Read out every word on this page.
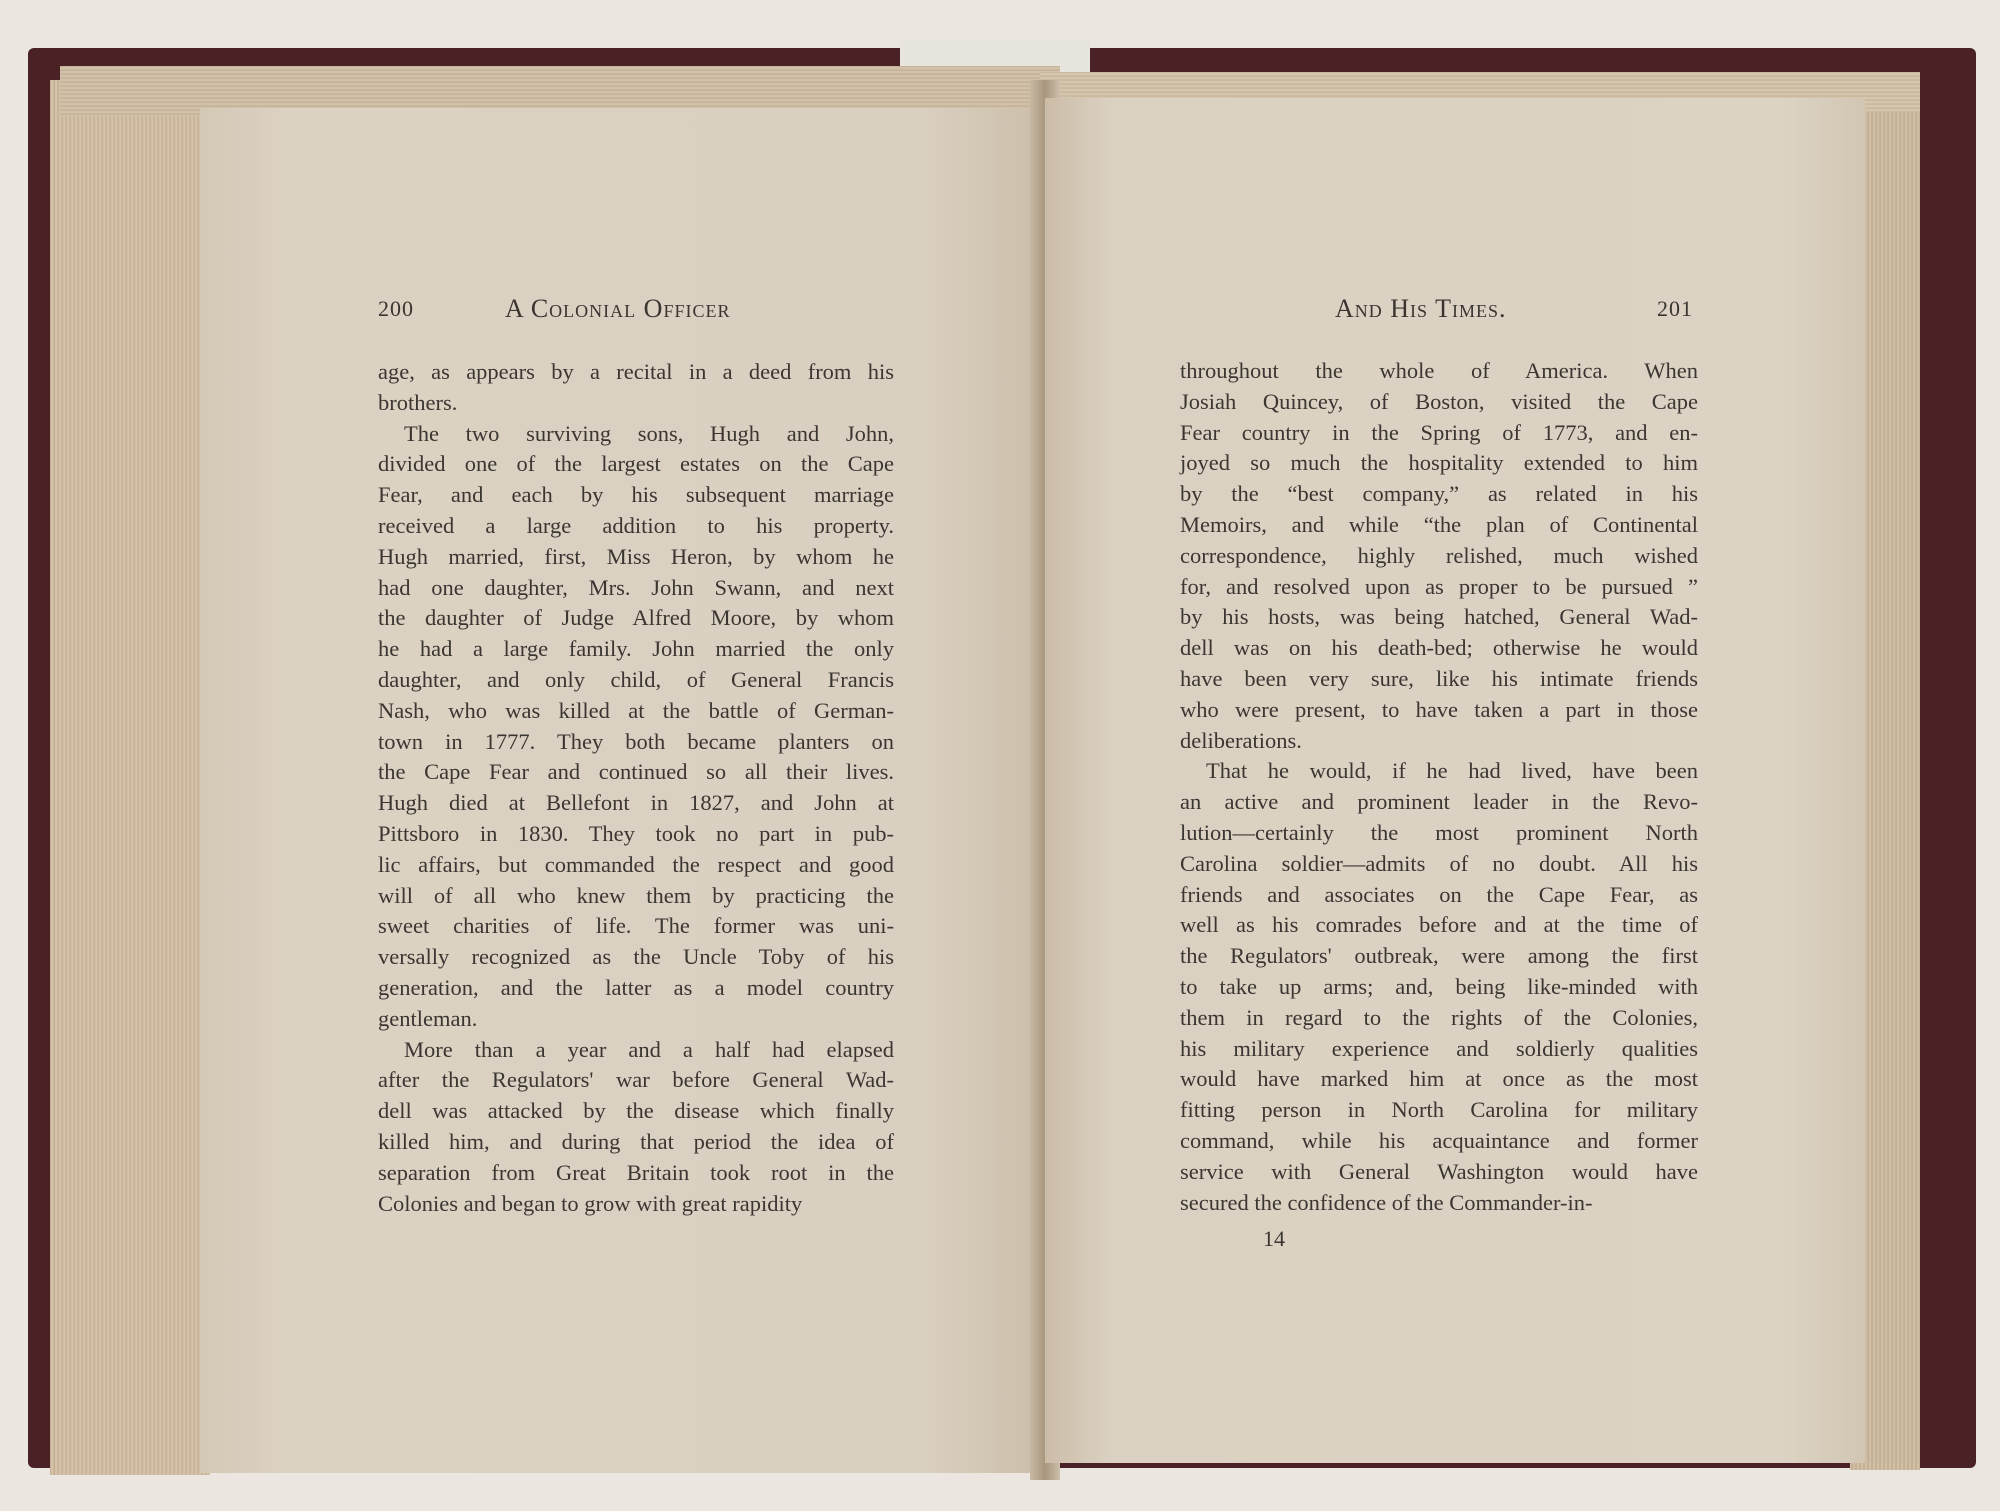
200	A Colonial Officer
age, as appears by a recital in a deed from his
brothers.
The two surviving sons, Hugh and John,
divided one of the largest estates on the Cape
Fear, and each by his subsequent marriage
received a large addition to his property.
Hugh married, first, Miss Heron, by whom he
had one daughter, Mrs. John Swann, and next
the daughter of Judge Alfred Moore, by whom
he had a large family. John married the only
daughter, and only child, of General Francis
Nash, who was killed at the battle of German-
town in 1777. They both became planters on
the Cape Fear and continued so all their lives.
Hugh died at Bellefont in 1827, and John at
Pittsboro in 1830. They took no part in pub-
lic affairs, but commanded the respect and good
will of all who knew them by practicing the
sweet charities of life. The former was uni-
versally recognized as the Uncle Toby of his
generation, and the latter as a model country
gentleman.
More than a year and a half had elapsed
after the Regulators' war before General Wad-
dell was attacked by the disease which finally
killed him, and during that period the idea of
separation from Great Britain took root in the
Colonies and began to grow with great rapidity
And His Times.	201
throughout the whole of America. When
Josiah Quincey, of Boston, visited the Cape
Fear country in the Spring of 1773, and en-
joyed so much the hospitality extended to him
by the “best company,” as related in his
Memoirs, and while “the plan of Continental
correspondence, highly relished, much wished
for, and resolved upon as proper to be pursued ”
by his hosts, was being hatched, General Wad-
dell was on his death-bed; otherwise he would
have been very sure, like his intimate friends
who were present, to have taken a part in those
deliberations.
That he would, if he had lived, have been
an active and prominent leader in the Revo-
lution—certainly the most prominent North
Carolina soldier—admits of no doubt. All his
friends and associates on the Cape Fear, as
well as his comrades before and at the time of
the Regulators' outbreak, were among the first
to take up arms; and, being like-minded with
them in regard to the rights of the Colonies,
his military experience and soldierly qualities
would have marked him at once as the most
fitting person in North Carolina for military
command, while his acquaintance and former
service with General Washington would have
secured the confidence of the Commander-in-
14
